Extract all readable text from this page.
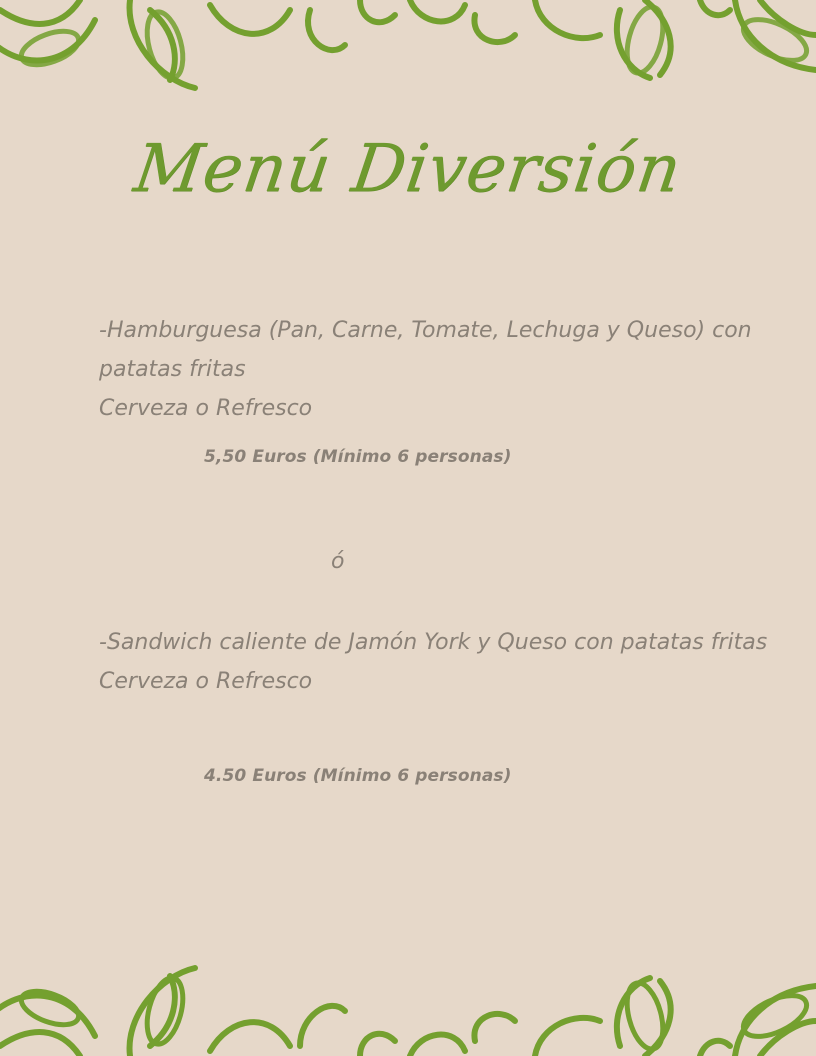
Menú Diversión
-Hamburguesa (Pan, Carne, Tomate, Lechuga y Queso) con
patatas fritas
Cerveza o Refresco
5,50 Euros (Mínimo 6 personas)
ó
-Sandwich caliente de Jamón York y Queso con patatas fritas
Cerveza o Refresco
4.50 Euros (Mínimo 6 personas)
